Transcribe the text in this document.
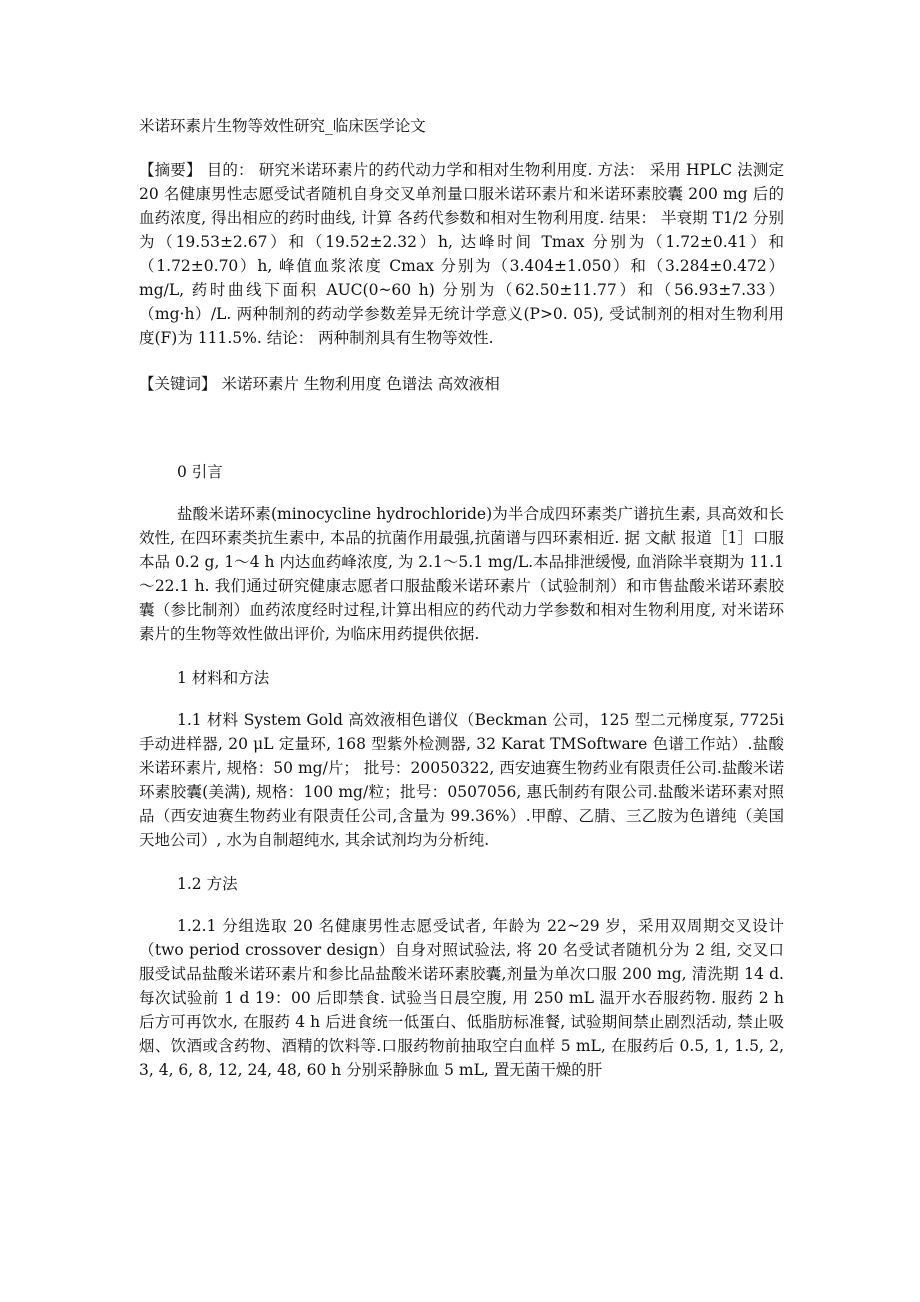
米诺环素片生物等效性研究_临床医学论文
【摘要】 目的： 研究米诺环素片的药代动力学和相对生物利用度. 方法： 采用 HPLC 法测定 20 名健康男性志愿受试者随机自身交叉单剂量口服米诺环素片和米诺环素胶囊 200 mg 后的血药浓度, 得出相应的药时曲线, 计算 各药代参数和相对生物利用度. 结果： 半衰期 T1/2 分别为（19.53±2.67）和（19.52±2.32）h, 达峰时间 Tmax 分别为（1.72±0.41）和（1.72±0.70）h, 峰值血浆浓度 Cmax 分别为（3.404±1.050）和（3.284±0.472） mg/L, 药时曲线下面积 AUC(0~60 h) 分别为（62.50±11.77）和（56.93±7.33）（mg·h）/L. 两种制剂的药动学参数差异无统计学意义(P>0. 05), 受试制剂的相对生物利用度(F)为 111.5%. 结论： 两种制剂具有生物等效性.
【关键词】 米诺环素片 生物利用度 色谱法 高效液相
0 引言
盐酸米诺环素(minocycline hydrochloride)为半合成四环素类广谱抗生素, 具高效和长效性, 在四环素类抗生素中, 本品的抗菌作用最强,抗菌谱与四环素相近. 据 文献 报道［1］口服本品 0.2 g, 1～4 h 内达血药峰浓度, 为 2.1～5.1 mg/L.本品排泄缓慢, 血消除半衰期为 11.1～22.1 h. 我们通过研究健康志愿者口服盐酸米诺环素片（试验制剂）和市售盐酸米诺环素胶囊（参比制剂）血药浓度经时过程,计算出相应的药代动力学参数和相对生物利用度, 对米诺环素片的生物等效性做出评价, 为临床用药提供依据.
1 材料和方法
1.1 材料 System Gold 高效液相色谱仪（Beckman 公司，125 型二元梯度泵, 7725i 手动进样器, 20 μL 定量环, 168 型紫外检测器, 32 Karat TMSoftware 色谱工作站）.盐酸米诺环素片, 规格：50 mg/片； 批号：20050322, 西安迪赛生物药业有限责任公司.盐酸米诺环素胶囊(美满), 规格：100 mg/粒；批号：0507056, 惠氏制药有限公司.盐酸米诺环素对照品（西安迪赛生物药业有限责任公司,含量为 99.36%）.甲醇、乙腈、三乙胺为色谱纯（美国天地公司）, 水为自制超纯水, 其余试剂均为分析纯.
1.2 方法
1.2.1 分组选取 20 名健康男性志愿受试者, 年龄为 22~29 岁，采用双周期交叉设计（two period crossover design）自身对照试验法, 将 20 名受试者随机分为 2 组, 交叉口服受试品盐酸米诺环素片和参比品盐酸米诺环素胶囊,剂量为单次口服 200 mg, 清洗期 14 d. 每次试验前 1 d 19：00 后即禁食. 试验当日晨空腹, 用 250 mL 温开水吞服药物. 服药 2 h 后方可再饮水, 在服药 4 h 后进食统一低蛋白、低脂肪标准餐, 试验期间禁止剧烈活动, 禁止吸烟、饮酒或含药物、酒精的饮料等.口服药物前抽取空白血样 5 mL, 在服药后 0.5, 1, 1.5, 2, 3, 4, 6, 8, 12, 24, 48, 60 h 分别采静脉血 5 mL, 置无菌干燥的肝
